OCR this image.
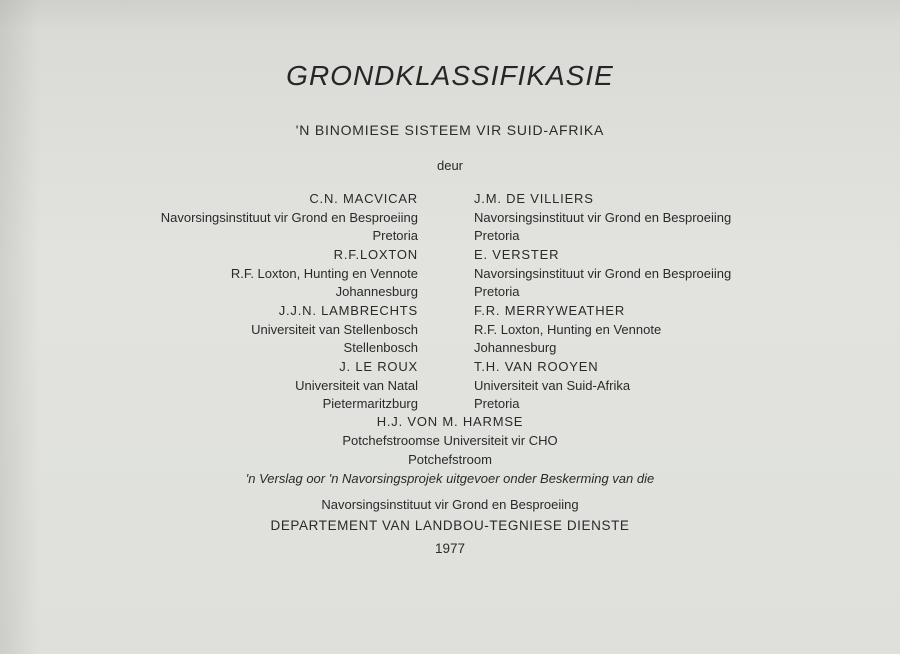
GRONDKLASSIFIKASIE
'N BINOMIESE SISTEEM VIR SUID-AFRIKA
deur
C.N. MACVICAR
Navorsingsinstituut vir Grond en Besproeiing
Pretoria
R.F.LOXTON
R.F. Loxton, Hunting en Vennote
Johannesburg
J.J.N. LAMBRECHTS
Universiteit van Stellenbosch
Stellenbosch
J. LE ROUX
Universiteit van Natal
Pietermaritzburg
J.M. DE VILLIERS
Navorsingsinstituut vir Grond en Besproeiing
Pretoria
E. VERSTER
Navorsingsinstituut vir Grond en Besproeiing
Pretoria
F.R. MERRYWEATHER
R.F. Loxton, Hunting en Vennote
Johannesburg
T.H. VAN ROOYEN
Universiteit van Suid-Afrika
Pretoria
H.J. VON M. HARMSE
Potchefstroomse Universiteit vir CHO
Potchefstroom
'n Verslag oor 'n Navorsingsprojek uitgevoer onder Beskerming van die
Navorsingsinstituut vir Grond en Besproeiing
DEPARTEMENT VAN LANDBOU-TEGNIESE DIENSTE
1977
